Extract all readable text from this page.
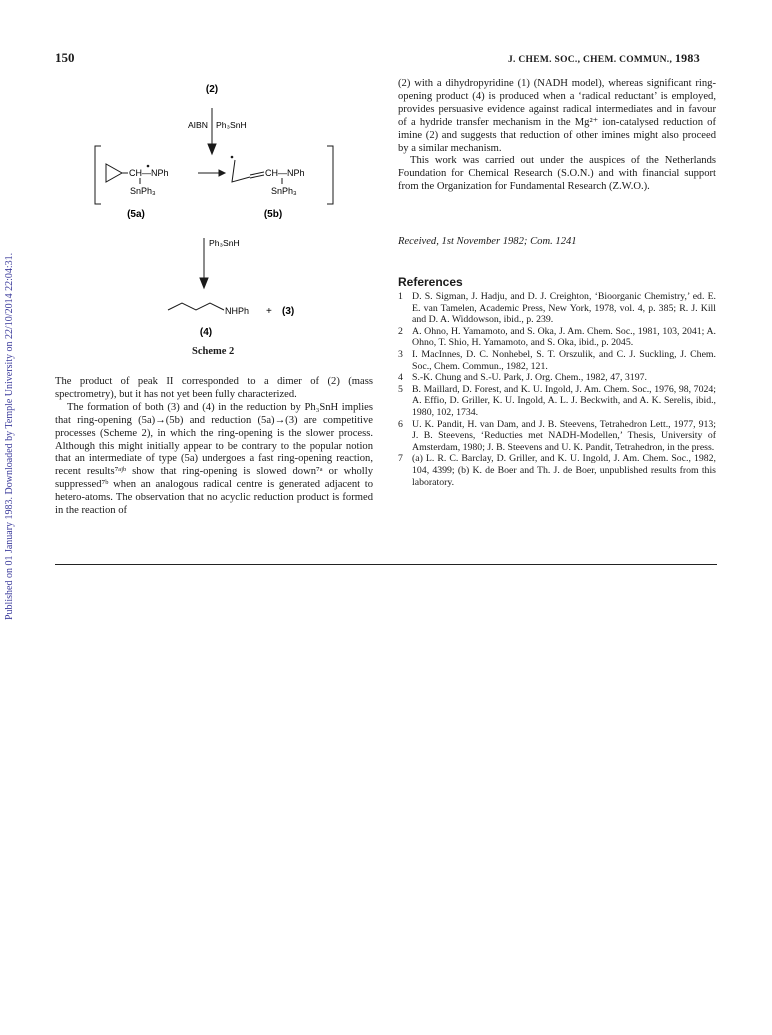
150	J. CHEM. SOC., CHEM. COMMUN., 1983
Published on 01 January 1983. Downloaded by Temple University on 22/10/2014 22:04:31.
(2)
AIBN Ph₃SnH
CH—NPh
SnPh₃
CH—NPh
SnPh₃
(5a)	(5b)
Ph₃SnH
NHPh + (3)
(4)
Scheme 2

The product of peak II corresponded to a dimer of (2) (mass spectrometry), but it has not yet been fully characterized.

The formation of both (3) and (4) in the reduction by Ph₃SnH implies that ring-opening (5a)→(5b) and reduction (5a)→(3) are competitive processes (Scheme 2), in which the ring-opening is the slower process. Although this might initially appear to be contrary to the popular notion that an intermediate of type (5a) undergoes a fast ring-opening reaction, recent results⁷ᵃʲᵇ show that ring-opening is slowed down⁷ᵃ or wholly suppressed⁷ᵇ when an analogous radical centre is generated adjacent to hetero-atoms. The observation that no acyclic reduction product is formed in the reaction of

(2) with a dihydropyridine (1) (NADH model), whereas significant ring-opening product (4) is produced when a ‘radical reductant’ is employed, provides persuasive evidence against radical intermediates and in favour of a hydride transfer mechanism in the Mg²⁺ ion-catalysed reduction of imine (2) and suggests that reduction of other imines might also proceed by a similar mechanism.

This work was carried out under the auspices of the Netherlands Foundation for Chemical Research (S.O.N.) and with financial support from the Organization for Fundamental Research (Z.W.O.).

Received, 1st November 1982; Com. 1241
References
1 D. S. Sigman, J. Hadju, and D. J. Creighton, ‘Bioorganic Chemistry,’ ed. E. E. van Tamelen, Academic Press, New York, 1978, vol. 4, p. 385; R. J. Kill and D. A. Widdowson, ibid., p. 239.
2 A. Ohno, H. Yamamoto, and S. Oka, J. Am. Chem. Soc., 1981, 103, 2041; A. Ohno, T. Shio, H. Yamamoto, and S. Oka, ibid., p. 2045.
3 I. MacInnes, D. C. Nonhebel, S. T. Orszulik, and C. J. Suckling, J. Chem. Soc., Chem. Commun., 1982, 121.
4 S.-K. Chung and S.-U. Park, J. Org. Chem., 1982, 47, 3197.
5 B. Maillard, D. Forest, and K. U. Ingold, J. Am. Chem. Soc., 1976, 98, 7024; A. Effio, D. Griller, K. U. Ingold, A. L. J. Beckwith, and A. K. Serelis, ibid., 1980, 102, 1734.
6 U. K. Pandit, H. van Dam, and J. B. Steevens, Tetrahedron Lett., 1977, 913; J. B. Steevens, ‘Reducties met NADH-Modellen,’ Thesis, University of Amsterdam, 1980; J. B. Steevens and U. K. Pandit, Tetrahedron, in the press.
7 (a) L. R. C. Barclay, D. Griller, and K. U. Ingold, J. Am. Chem. Soc., 1982, 104, 4399; (b) K. de Boer and Th. J. de Boer, unpublished results from this laboratory.
